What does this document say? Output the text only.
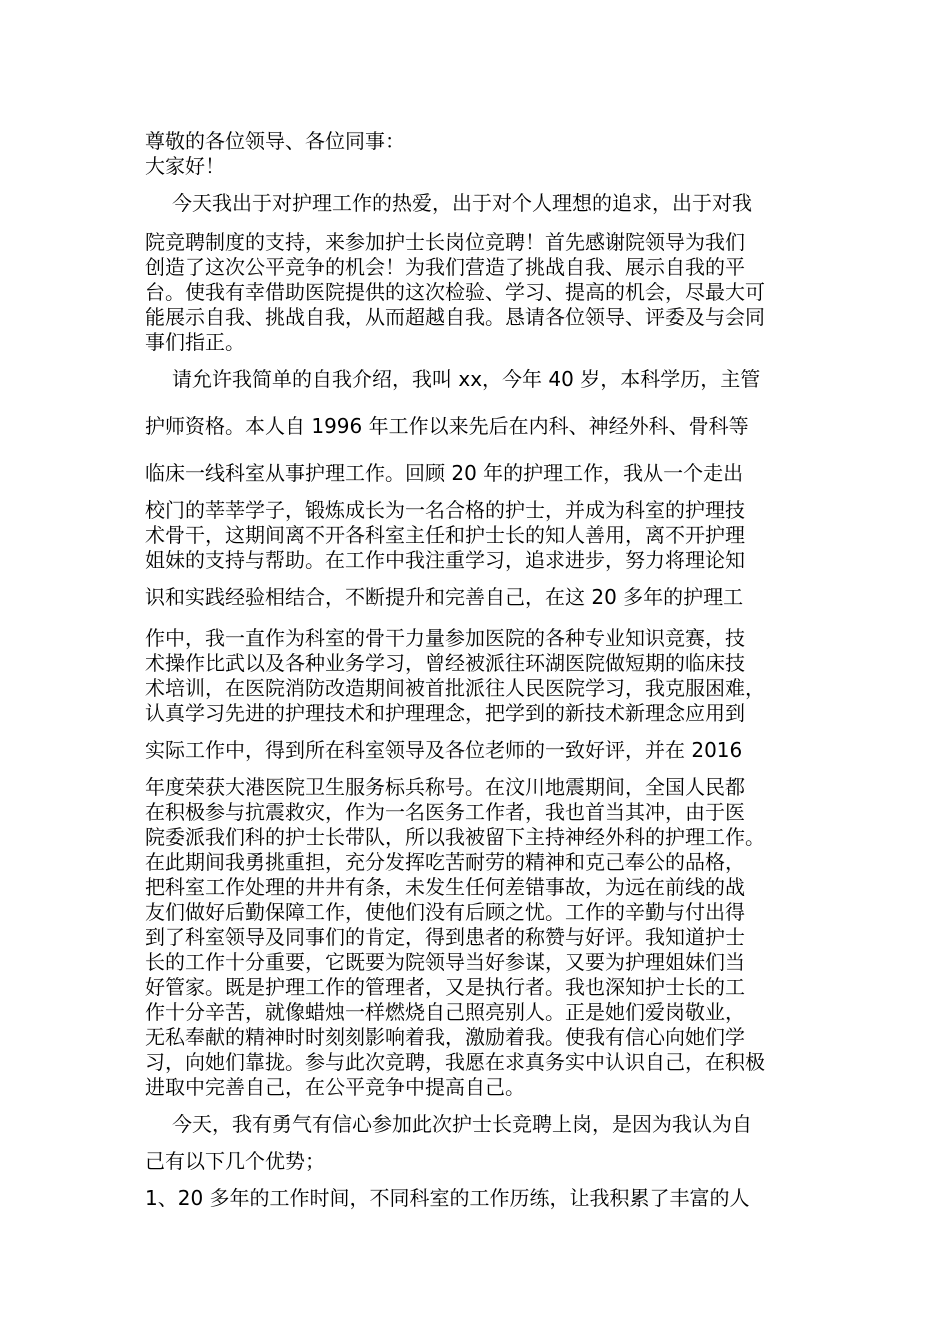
尊敬的各位领导、各位同事：
大家好！
今天我出于对护理工作的热爱，出于对个人理想的追求，出于对我
院竞聘制度的支持，来参加护士长岗位竞聘！首先感谢院领导为我们
创造了这次公平竞争的机会！为我们营造了挑战自我、展示自我的平
台。使我有幸借助医院提供的这次检验、学习、提高的机会，尽最大可
能展示自我、挑战自我，从而超越自我。恳请各位领导、评委及与会同
事们指正。
请允许我简单的自我介绍，我叫 xx，今年 40 岁，本科学历，主管
护师资格。本人自 1996 年工作以来先后在内科、神经外科、骨科等
临床一线科室从事护理工作。回顾 20 年的护理工作，我从一个走出
校门的莘莘学子，锻炼成长为一名合格的护士，并成为科室的护理技
术骨干，这期间离不开各科室主任和护士长的知人善用，离不开护理
姐妹的支持与帮助。在工作中我注重学习，追求进步，努力将理论知
识和实践经验相结合，不断提升和完善自己，在这 20 多年的护理工
作中，我一直作为科室的骨干力量参加医院的各种专业知识竞赛，技
术操作比武以及各种业务学习，曾经被派往环湖医院做短期的临床技
术培训，在医院消防改造期间被首批派往人民医院学习，我克服困难，
认真学习先进的护理技术和护理理念，把学到的新技术新理念应用到
实际工作中，得到所在科室领导及各位老师的一致好评，并在 2016
年度荣获大港医院卫生服务标兵称号。在汶川地震期间，全国人民都
在积极参与抗震救灾，作为一名医务工作者，我也首当其冲，由于医
院委派我们科的护士长带队，所以我被留下主持神经外科的护理工作。
在此期间我勇挑重担，充分发挥吃苦耐劳的精神和克己奉公的品格，
把科室工作处理的井井有条，未发生任何差错事故，为远在前线的战
友们做好后勤保障工作，使他们没有后顾之忧。工作的辛勤与付出得
到了科室领导及同事们的肯定，得到患者的称赞与好评。我知道护士
长的工作十分重要，它既要为院领导当好参谋，又要为护理姐妹们当
好管家。既是护理工作的管理者，又是执行者。我也深知护士长的工
作十分辛苦，就像蜡烛一样燃烧自己照亮别人。正是她们爱岗敬业，
无私奉献的精神时时刻刻影响着我，激励着我。使我有信心向她们学
习，向她们靠拢。参与此次竞聘，我愿在求真务实中认识自己，在积极
进取中完善自己，在公平竞争中提高自己。
今天，我有勇气有信心参加此次护士长竞聘上岗，是因为我认为自
己有以下几个优势；
1、20 多年的工作时间，不同科室的工作历练，让我积累了丰富的人
